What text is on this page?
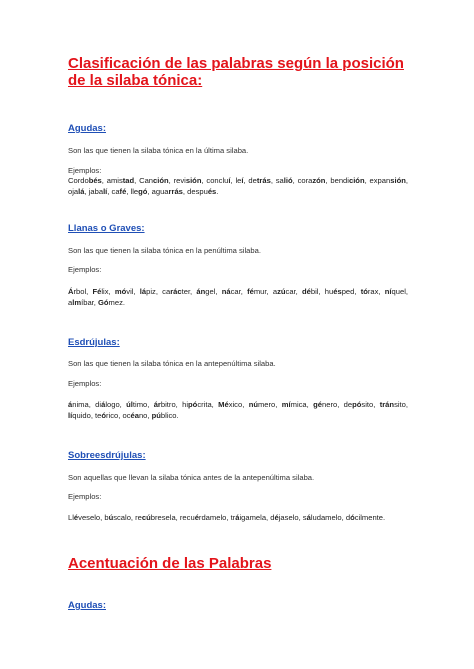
Clasificación de las palabras según la posición de la silaba tónica:
Agudas:
Son las que tienen la silaba tónica en la última silaba.
Ejemplos:
Cordobés, amistad, Canción, revisión, concluí, leí, detrás, salió, corazón, bendición, expansión, ojalá, jabalí, café, llegó, aguarrás, después.
Llanas o Graves:
Son las que tienen la silaba tónica en la penúltima silaba.
Ejemplos:
Árbol, Félix, móvil, lápiz, carácter, ángel, nácar, fémur, azúcar, débil, huésped, tórax, níquel, almíbar, Gómez.
Esdrújulas:
Son las que tienen la silaba tónica en la antepenúltima silaba.
Ejemplos:
ánima, diálogo, último, árbitro, hipócrita, México, número, mímica, género, depósito, tránsito, líquido, teórico, océano, público.
Sobreesdrújulas:
Son aquellas que llevan la silaba tónica antes de la antepenúltima silaba.
Ejemplos:
Lléveselo, búscalo, recúbresela, recuérdamelo, tráigamela, déjaselo, sáludamelo, dócilmente.
Acentuación de las Palabras
Agudas:
